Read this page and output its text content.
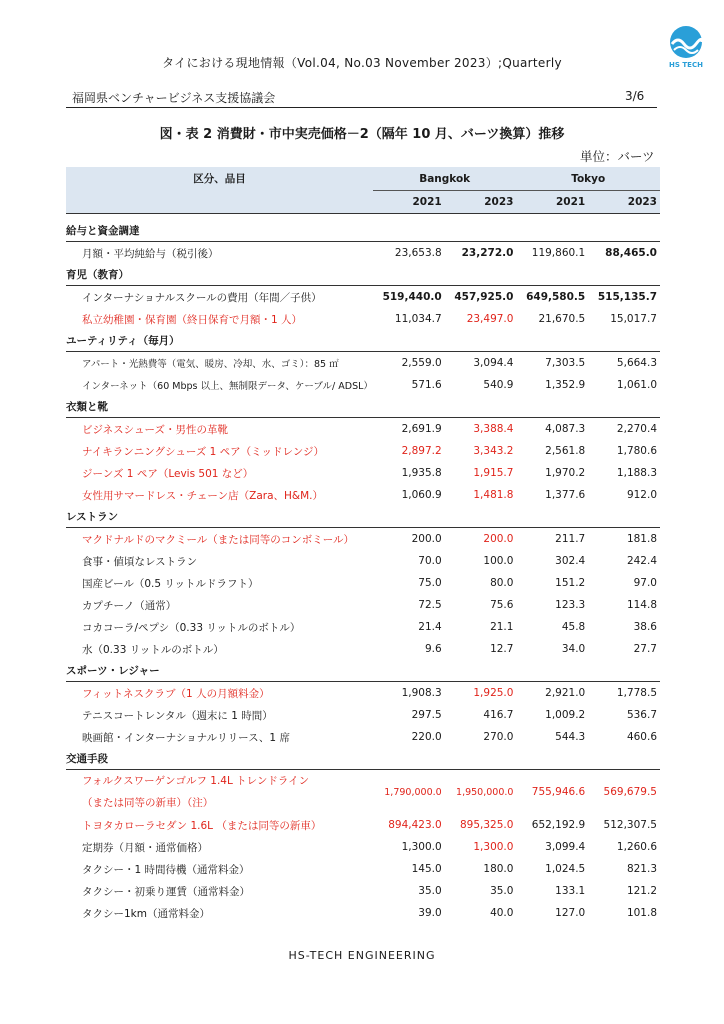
タイにおける現地情報（Vol.04, No.03 November 2023）;Quarterly	HS TECH
福岡県ベンチャービジネス支援協議会	3/6
図・表 2 消費財・市中実売価格－2（隔年 10 月、バーツ換算）推移
単位：バーツ
区分、品目	Bangkok		Tokyo	
	2021	2023	2021	2023

給与と資金調達				
月額・平均純給与（税引後）	23,653.8	23,272.0	119,860.1	88,465.0
育児（教育）				
インターナショナルスクールの費用（年間／子供）	519,440.0	457,925.0	649,580.5	515,135.7
私立幼稚園・保育園（終日保育で月額・1 人）	11,034.7	23,497.0	21,670.5	15,017.7
ユーティリティ（毎月）				
アパート・光熱費等（電気、暖房、冷却、水、ゴミ）：85 ㎡	2,559.0	3,094.4	7,303.5	5,664.3
インターネット（60 Mbps 以上、無制限データ、ケーブル/ ADSL）	571.6	540.9	1,352.9	1,061.0
衣類と靴				
ビジネスシューズ・男性の革靴	2,691.9	3,388.4	4,087.3	2,270.4
ナイキランニングシューズ 1 ペア（ミッドレンジ）	2,897.2	3,343.2	2,561.8	1,780.6
ジーンズ 1 ペア（Levis 501 など）	1,935.8	1,915.7	1,970.2	1,188.3
女性用サマードレス・チェーン店（Zara、H&M.）	1,060.9	1,481.8	1,377.6	912.0
レストラン				
マクドナルドのマクミール（または同等のコンボミール）	200.0	200.0	211.7	181.8
食事・値頃なレストラン	70.0	100.0	302.4	242.4
国産ビール（0.5 リットルドラフト）	75.0	80.0	151.2	97.0
カプチーノ（通常）	72.5	75.6	123.3	114.8
コカコーラ/ペプシ（0.33 リットルのボトル）	21.4	21.1	45.8	38.6
水（0.33 リットルのボトル）	9.6	12.7	34.0	27.7
スポーツ・レジャー				
フィットネスクラブ（1 人の月額料金）	1,908.3	1,925.0	2,921.0	1,778.5
テニスコートレンタル（週末に 1 時間）	297.5	416.7	1,009.2	536.7
映画館・インターナショナルリリース、1 席	220.0	270.0	544.3	460.6
交通手段				

フォルクスワーゲンゴルフ 1.4L トレンドライン
（または同等の新車）（注）	1,790,000.0	1,950,000.0	755,946.6	569,679.5
トヨタカローラセダン 1.6L （または同等の新車）	894,423.0	895,325.0	652,192.9	512,307.5
定期券（月額・通常価格）	1,300.0	1,300.0	3,099.4	1,260.6
タクシー・1 時間待機（通常料金）	145.0	180.0	1,024.5	821.3
タクシー・初乗り運賃（通常料金）	35.0	35.0	133.1	121.2
タクシー1km（通常料金）	39.0	40.0	127.0	101.8
HS-TECH ENGINEERING
